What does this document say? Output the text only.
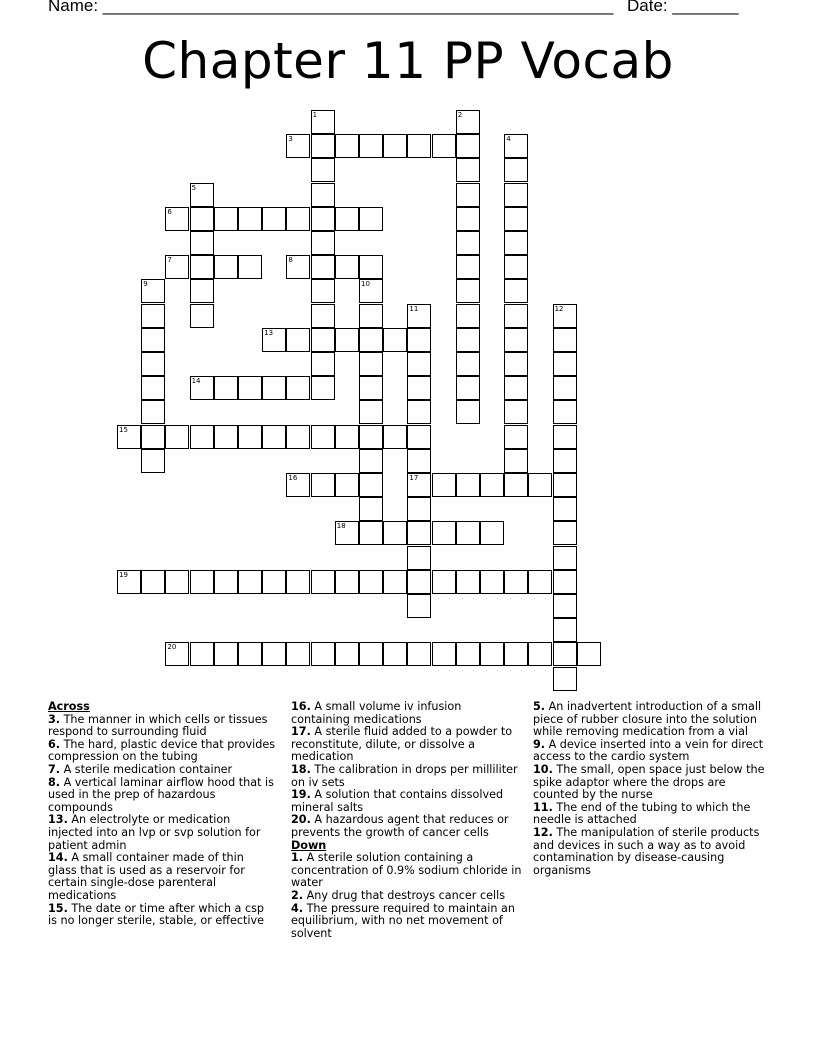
Name: ______________________________________________________ Date: _______
Chapter 11 PP Vocab
1	2
3	4
5
6
7	8
9	10
11	12
13
14
15
16	17
18
19
20
Across
3. The manner in which cells or tissues respond to surrounding fluid
6. The hard, plastic device that provides compression on the tubing
7. A sterile medication container
8. A vertical laminar airflow hood that is used in the prep of hazardous compounds
13. An electrolyte or medication injected into an lvp or svp solution for patient admin
14. A small container made of thin glass that is used as a reservoir for certain single-dose parenteral medications
15. The date or time after which a csp is no longer sterile, stable, or effective
16. A small volume iv infusion containing medications
17. A sterile fluid added to a powder to reconstitute, dilute, or dissolve a medication
18. The calibration in drops per milliliter on iv sets
19. A solution that contains dissolved mineral salts
20. A hazardous agent that reduces or prevents the growth of cancer cells
Down
1. A sterile solution containing a concentration of 0.9% sodium chloride in water
2. Any drug that destroys cancer cells
4. The pressure required to maintain an equilibrium, with no net movement of solvent
5. An inadvertent introduction of a small piece of rubber closure into the solution while removing medication from a vial
9. A device inserted into a vein for direct access to the cardio system
10. The small, open space just below the spike adaptor where the drops are counted by the nurse
11. The end of the tubing to which the needle is attached
12. The manipulation of sterile products and devices in such a way as to avoid contamination by disease-causing organisms
